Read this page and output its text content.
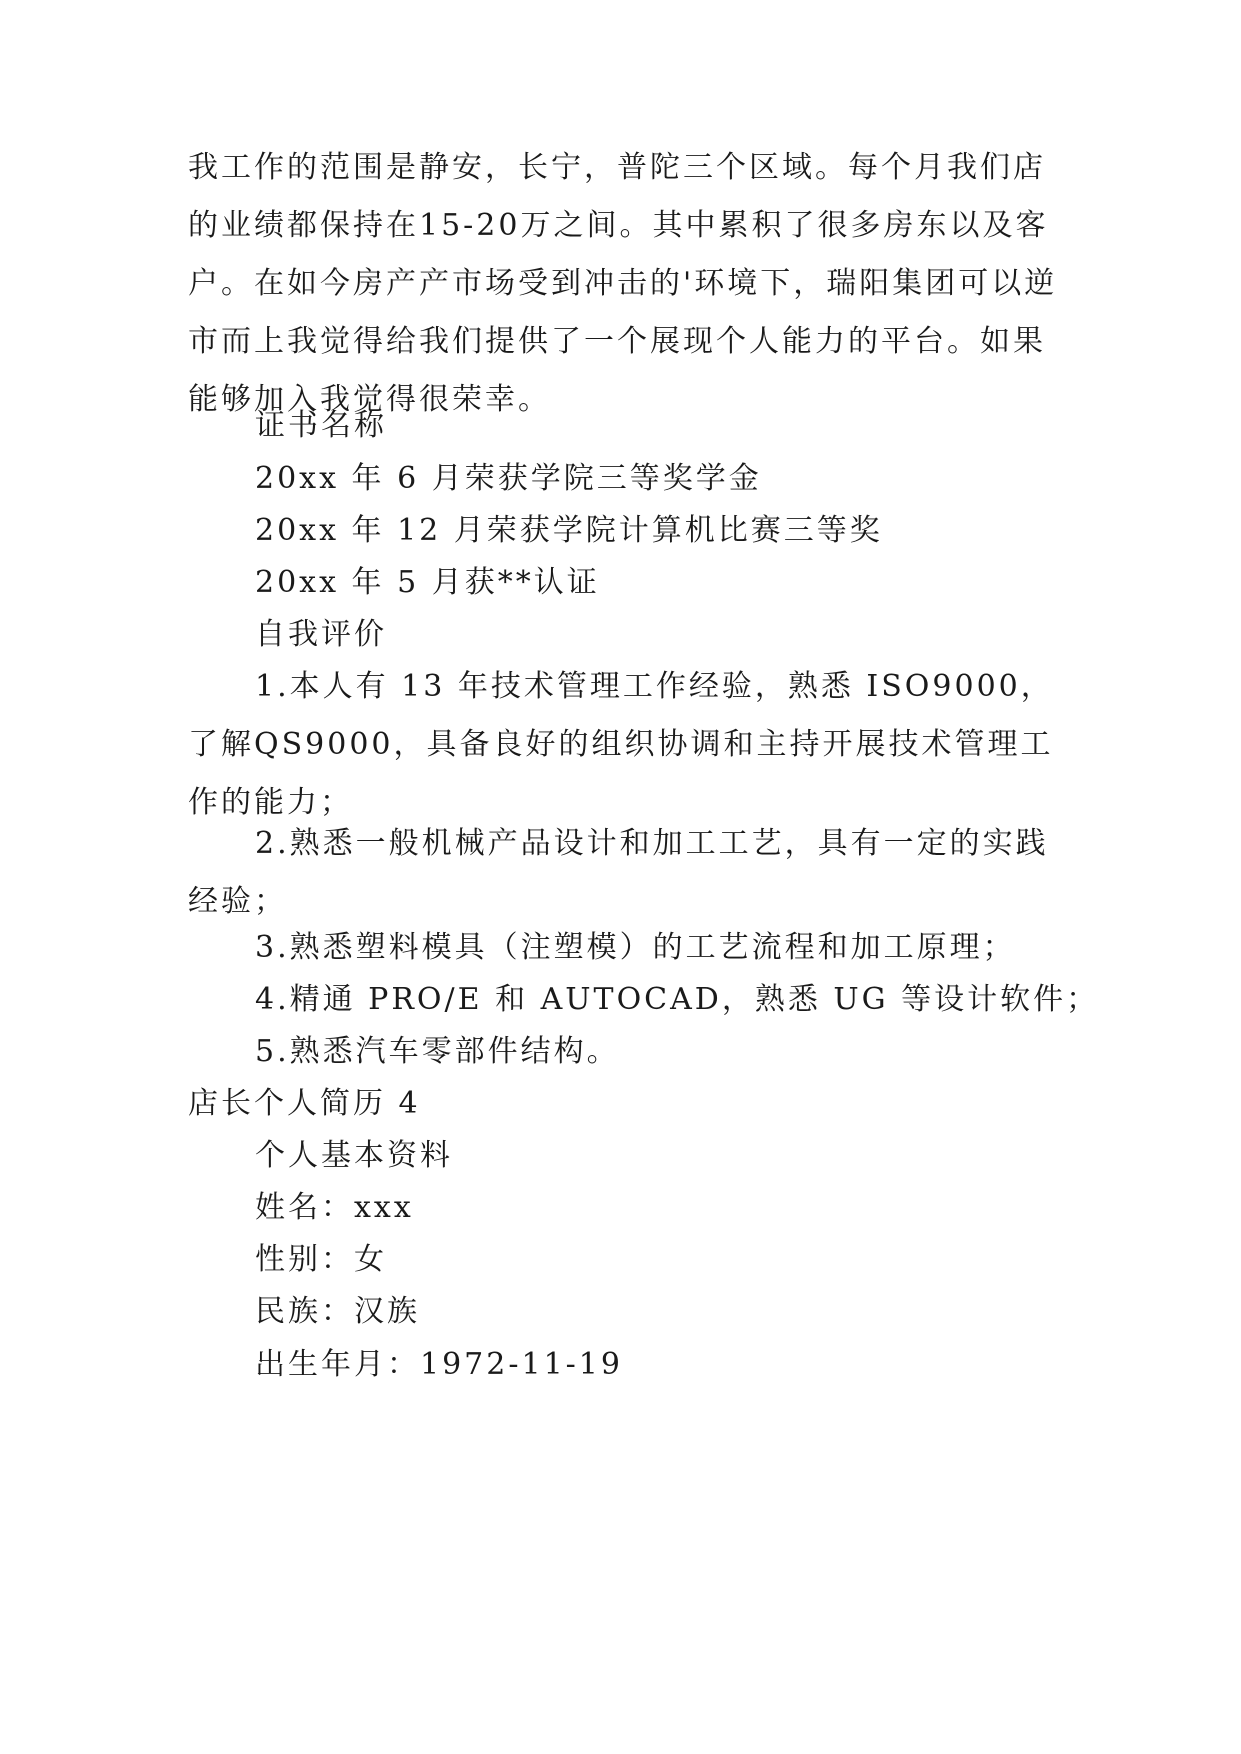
我工作的范围是静安，长宁，普陀三个区域。每个月我们店的业绩都保持在15-20万之间。其中累积了很多房东以及客户。在如今房产产市场受到冲击的'环境下，瑞阳集团可以逆市而上我觉得给我们提供了一个展现个人能力的平台。如果能够加入我觉得很荣幸。
证书名称
20xx 年 6 月荣获学院三等奖学金
20xx 年 12 月荣获学院计算机比赛三等奖
20xx 年 5 月获**认证
自我评价
1.本人有 13 年技术管理工作经验，熟悉 ISO9000，了解QS9000，具备良好的组织协调和主持开展技术管理工作的能力；
2.熟悉一般机械产品设计和加工工艺，具有一定的实践经验；
3.熟悉塑料模具（注塑模）的工艺流程和加工原理；
4.精通 PRO/E 和 AUTOCAD，熟悉 UG 等设计软件；
5.熟悉汽车零部件结构。
店长个人简历 4
个人基本资料
姓名：xxx
性别：女
民族：汉族
出生年月：1972-11-19
